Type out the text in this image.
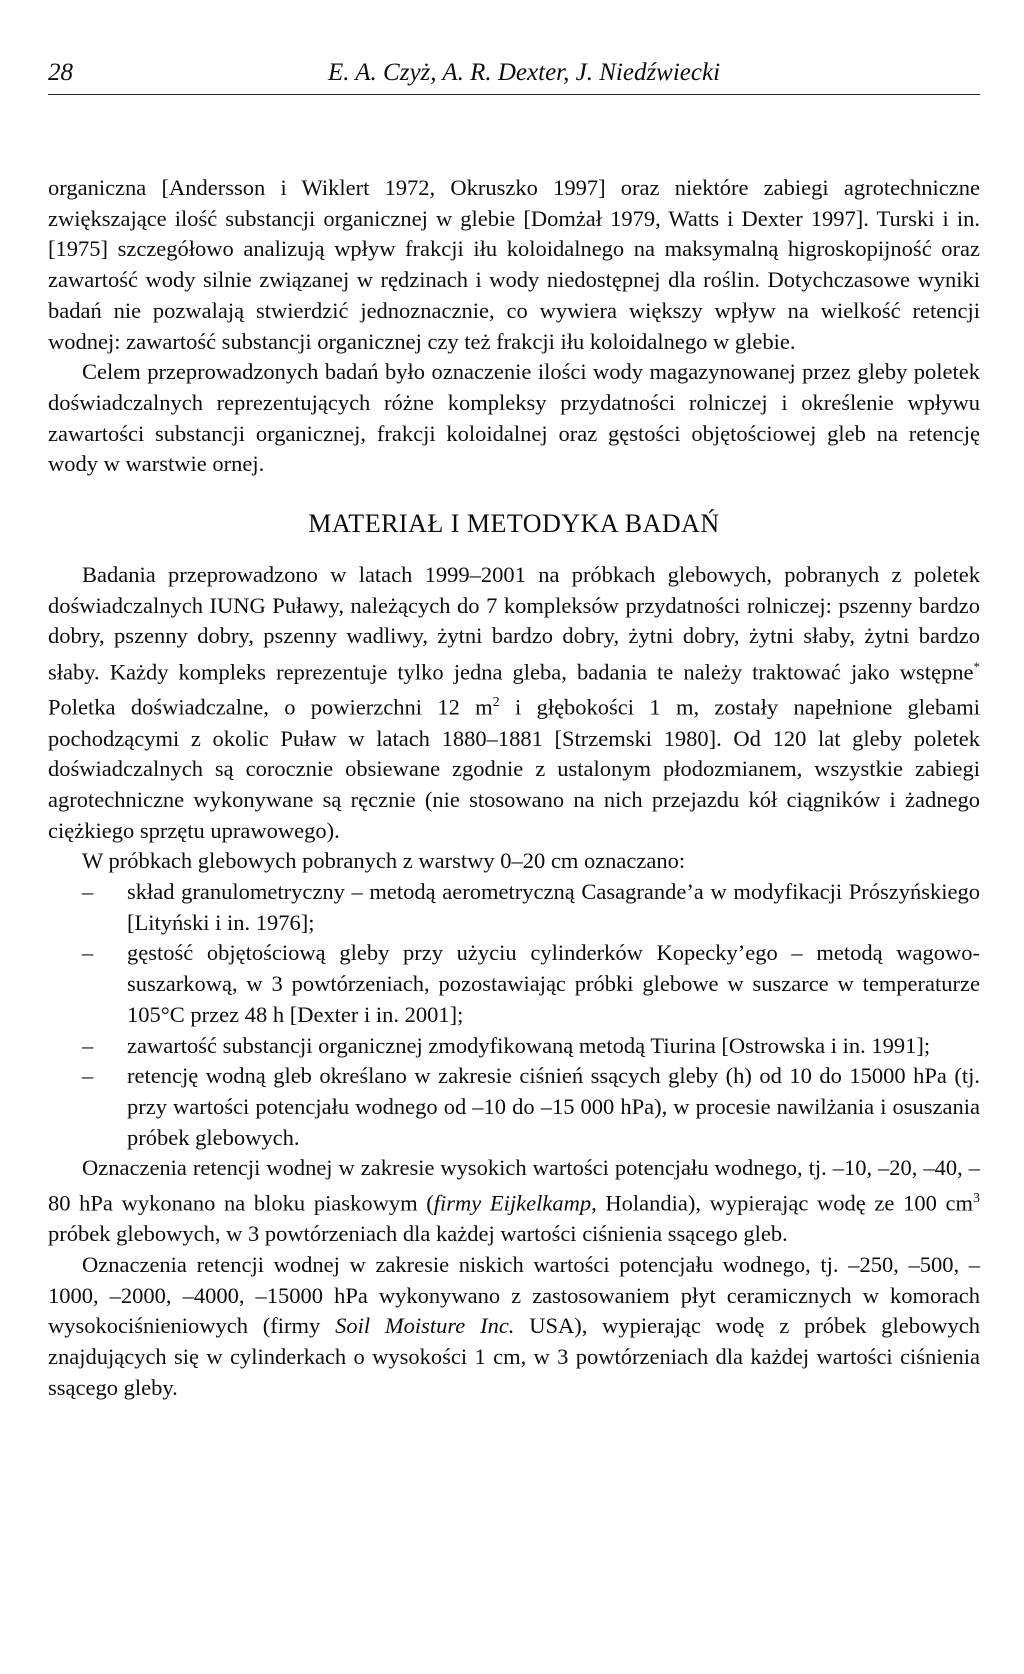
28	E. A. Czyż, A. R. Dexter, J. Niedźwiecki

organiczna [Andersson i Wiklert 1972, Okruszko 1997] oraz niektóre zabiegi agrotechniczne zwiększające ilość substancji organicznej w glebie [Domżał 1979, Watts i Dexter 1997]. Turski i in. [1975] szczegółowo analizują wpływ frakcji iłu koloidalnego na maksymalną higroskopijność oraz zawartość wody silnie związanej w rędzinach i wody niedostępnej dla roślin. Dotychczasowe wyniki badań nie pozwalają stwierdzić jednoznacznie, co wywiera większy wpływ na wielkość retencji wodnej: zawartość substancji organicznej czy też frakcji iłu koloidalnego w glebie.

Celem przeprowadzonych badań było oznaczenie ilości wody magazynowanej przez gleby poletek doświadczalnych reprezentujących różne kompleksy przydatności rolniczej i określenie wpływu zawartości substancji organicznej, frakcji koloidalnej oraz gęstości objętościowej gleb na retencję wody w warstwie ornej.

MATERIAŁ I METODYKA BADAŃ

Badania przeprowadzono w latach 1999–2001 na próbkach glebowych, pobranych z poletek doświadczalnych IUNG Puławy, należących do 7 kompleksów przydatności rolniczej: pszenny bardzo dobry, pszenny dobry, pszenny wadliwy, żytni bardzo dobry, żytni dobry, żytni słaby, żytni bardzo słaby. Każdy kompleks reprezentuje tylko jedna gleba, badania te należy traktować jako wstępne* Poletka doświadczalne, o powierzchni 12 $m^2$ i głębokości 1 m, zostały napełnione glebami pochodzącymi z okolic Puław w latach 1880–1881 [Strzemski 1980]. Od 120 lat gleby poletek doświadczalnych są corocznie obsiewane zgodnie z ustalonym płodozmianem, wszystkie zabiegi agrotechniczne wykonywane są ręcznie (nie stosowano na nich przejazdu kół ciągników i żadnego ciężkiego sprzętu uprawowego).

W próbkach glebowych pobranych z warstwy 0–20 cm oznaczano:

– skład granulometryczny – metodą aerometryczną Casagrande’a w modyfikacji Prószyńskiego [Lityński i in. 1976];
– gęstość objętościową gleby przy użyciu cylinderków Kopecky’ego – metodą wagowo-suszarkową, w 3 powtórzeniach, pozostawiając próbki glebowe w suszarce w temperaturze 105°C przez 48 h [Dexter i in. 2001];
– zawartość substancji organicznej zmodyfikowaną metodą Tiurina [Ostrowska i in. 1991];
– retencję wodną gleb określano w zakresie ciśnień ssących gleby (h) od 10 do 15000 hPa (tj. przy wartości potencjału wodnego od –10 do –15 000 hPa), w procesie nawilżania i osuszania próbek glebowych.

Oznaczenia retencji wodnej w zakresie wysokich wartości potencjału wodnego, tj. –10, –20, –40, –80 hPa wykonano na bloku piaskowym (firmy Eijkelkamp, Holandia), wypierając wodę ze 100 $cm^3$ próbek glebowych, w 3 powtórzeniach dla każdej wartości ciśnienia ssącego gleb.

Oznaczenia retencji wodnej w zakresie niskich wartości potencjału wodnego, tj. –250, –500, –1000, –2000, –4000, –15000 hPa wykonywano z zastosowaniem płyt ceramicznych w komorach wysokociśnieniowych (firmy Soil Moisture Inc. USA), wypierając wodę z próbek glebowych znajdujących się w cylinderkach o wysokości 1 cm, w 3 powtórzeniach dla każdej wartości ciśnienia ssącego gleby.
